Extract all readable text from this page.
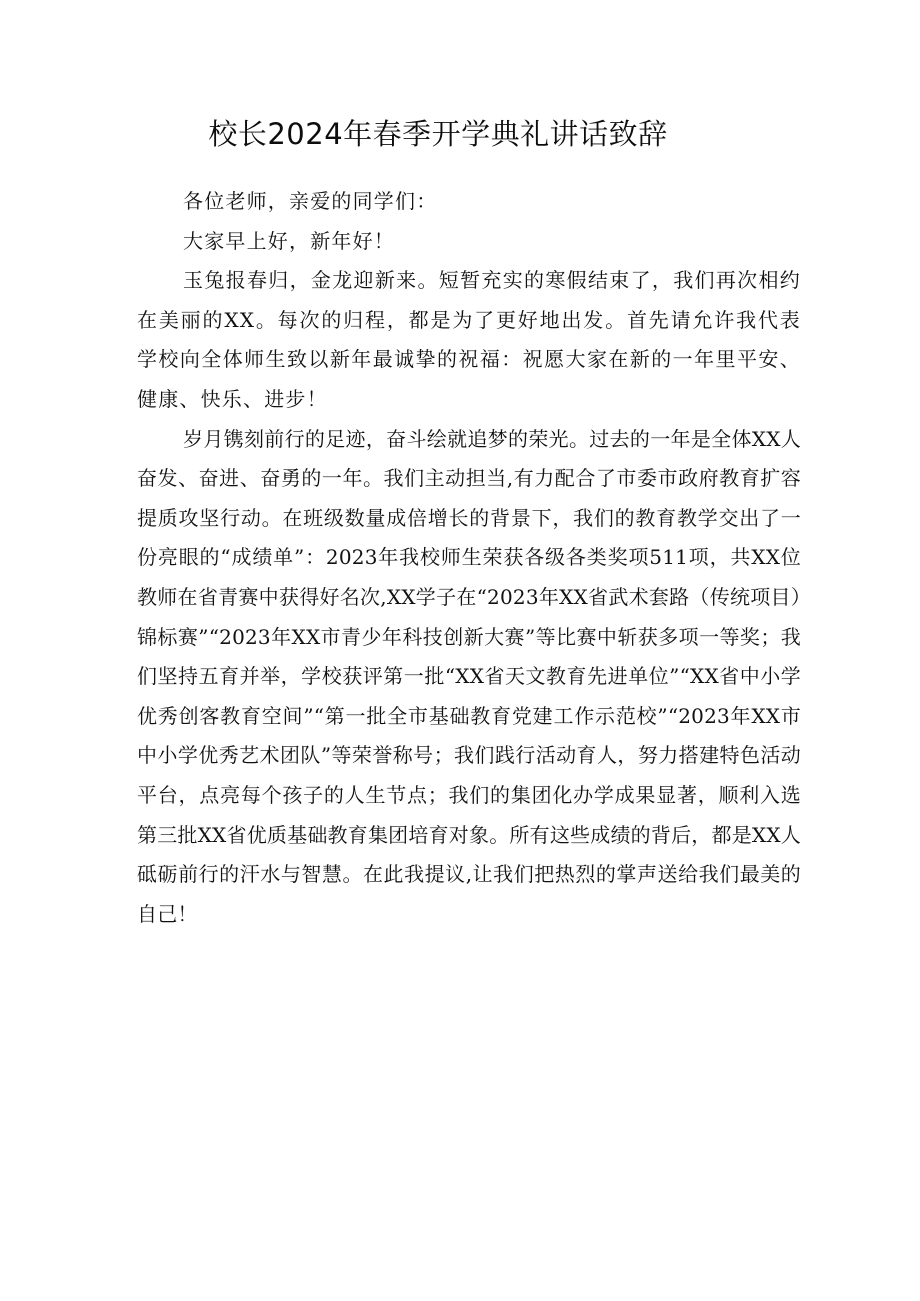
校长2024年春季开学典礼讲话致辞

各位老师，亲爱的同学们：

大家早上好，新年好！

玉兔报春归，金龙迎新来。短暂充实的寒假结束了，我们再次相约在美丽的XX。每次的归程，都是为了更好地出发。首先请允许我代表学校向全体师生致以新年最诚挚的祝福：祝愿大家在新的一年里平安、健康、快乐、进步！

岁月镌刻前行的足迹，奋斗绘就追梦的荣光。过去的一年是全体XX人奋发、奋进、奋勇的一年。我们主动担当,有力配合了市委市政府教育扩容提质攻坚行动。在班级数量成倍增长的背景下，我们的教育教学交出了一份亮眼的“成绩单”：2023年我校师生荣获各级各类奖项511项，共XX位教师在省青赛中获得好名次,XX学子在“2023年XX省武术套路（传统项目）锦标赛”“2023年XX市青少年科技创新大赛”等比赛中斩获多项一等奖；我们坚持五育并举，学校获评第一批“XX省天文教育先进单位”“XX省中小学优秀创客教育空间”“第一批全市基础教育党建工作示范校”“2023年XX市中小学优秀艺术团队”等荣誉称号；我们践行活动育人，努力搭建特色活动平台，点亮每个孩子的人生节点；我们的集团化办学成果显著，顺利入选第三批XX省优质基础教育集团培育对象。所有这些成绩的背后，都是XX人砥砺前行的汗水与智慧。在此我提议,让我们把热烈的掌声送给我们最美的自己！
